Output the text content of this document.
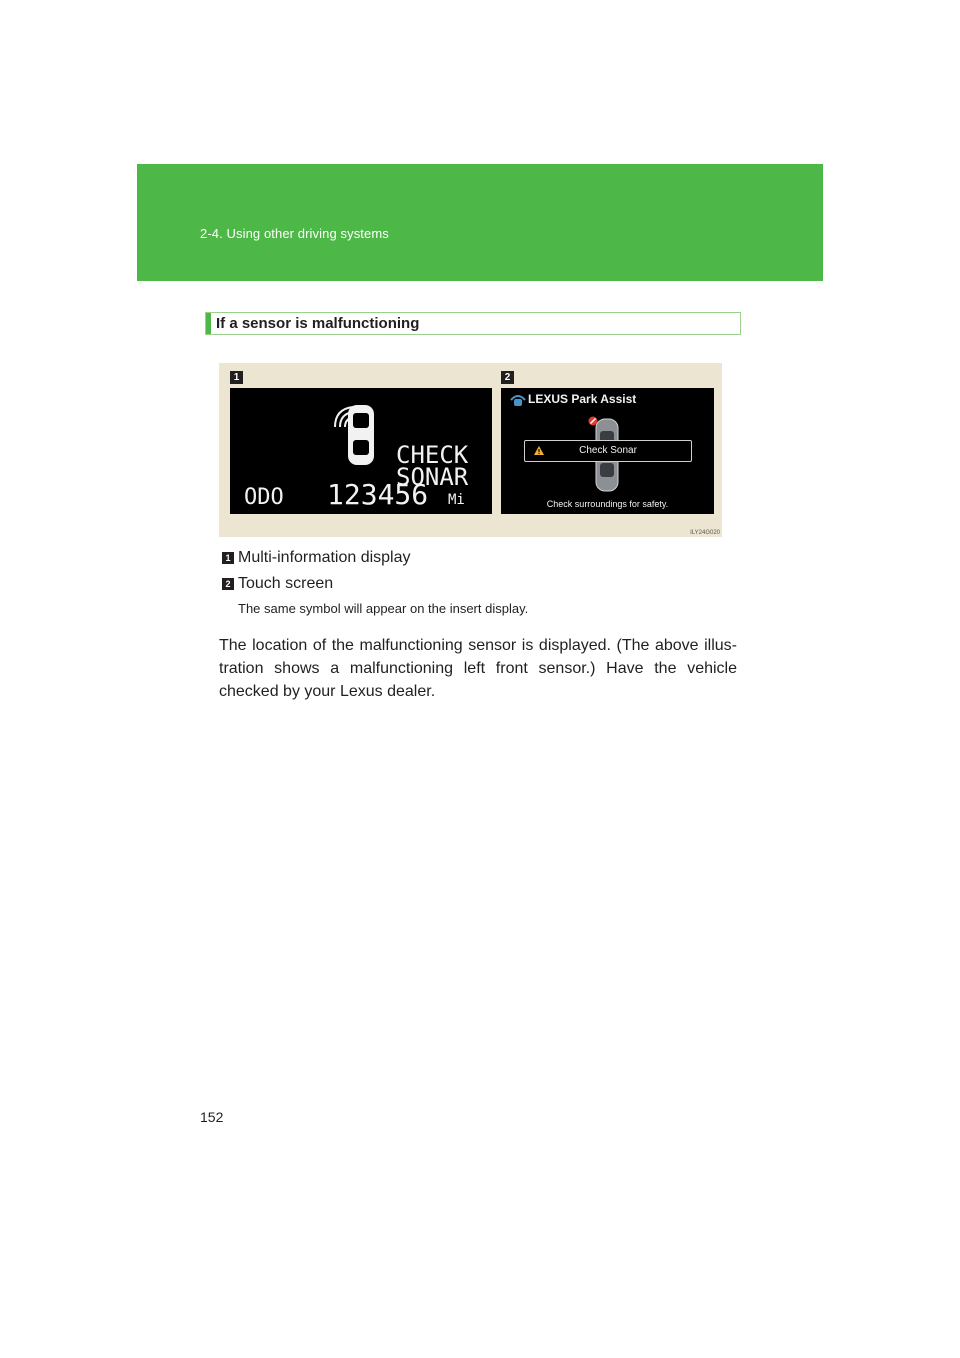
2-4. Using other driving systems
If a sensor is malfunctioning
1	2
CHECK
SONAR
ODO 123456 Mi
LEXUS Park Assist
Check Sonar
Check surroundings for safety.
ILY24G020
1 Multi-information display
2 Touch screen
The same symbol will appear on the insert display.
The location of the malfunctioning sensor is displayed. (The above illus-tration shows a malfunctioning left front sensor.) Have the vehicle checked by your Lexus dealer.
152
